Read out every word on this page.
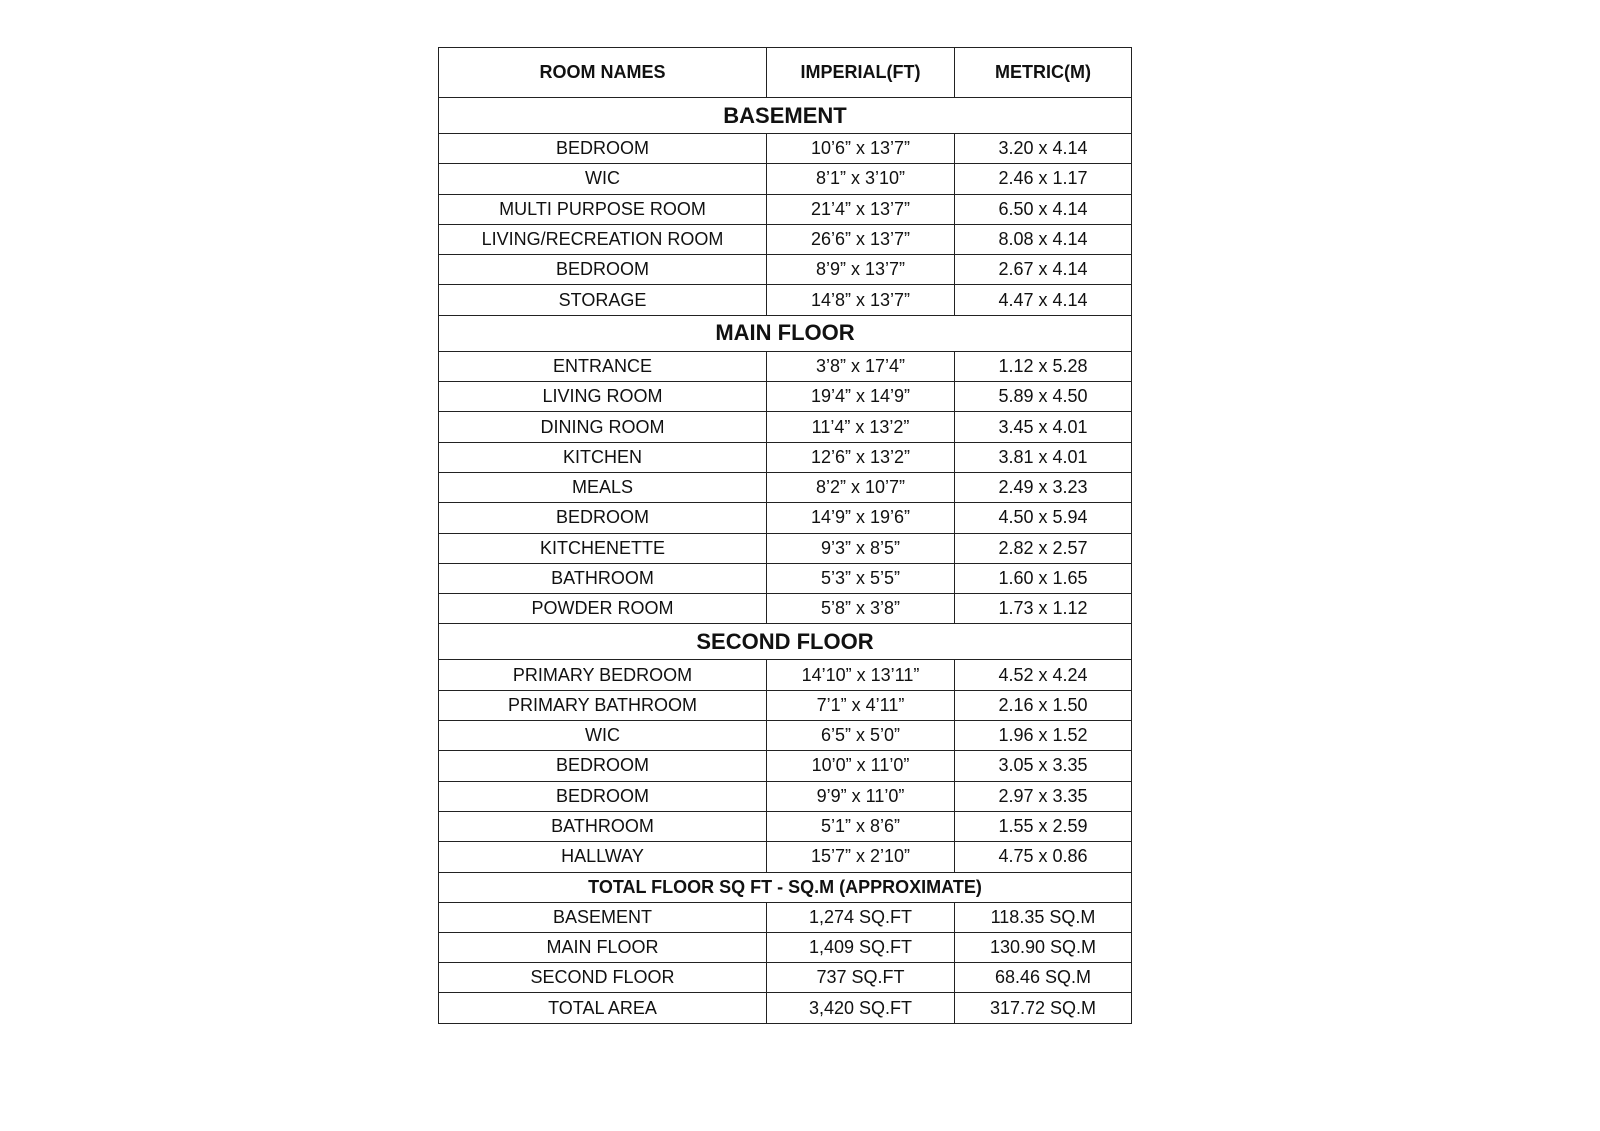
ROOM NAMES	IMPERIAL(FT)	METRIC(M)
BASEMENT		
BEDROOM	10’6” x 13’7”	3.20 x 4.14
WIC	8’1” x 3’10”	2.46 x 1.17
MULTI PURPOSE ROOM	21’4” x 13’7”	6.50 x 4.14
LIVING/RECREATION ROOM	26’6” x 13’7”	8.08 x 4.14
BEDROOM	8’9” x 13’7”	2.67 x 4.14
STORAGE	14’8” x 13’7”	4.47 x 4.14
MAIN FLOOR		
ENTRANCE	3’8” x 17’4”	1.12 x 5.28
LIVING ROOM	19’4” x 14’9”	5.89 x 4.50
DINING ROOM	11’4” x 13’2”	3.45 x 4.01
KITCHEN	12’6” x 13’2”	3.81 x 4.01
MEALS	8’2” x 10’7”	2.49 x 3.23
BEDROOM	14’9” x 19’6”	4.50 x 5.94
KITCHENETTE	9’3” x 8’5”	2.82 x 2.57
BATHROOM	5’3” x 5’5”	1.60 x 1.65
POWDER ROOM	5’8” x 3’8”	1.73 x 1.12
SECOND FLOOR		
PRIMARY BEDROOM	14’10” x 13’11”	4.52 x 4.24
PRIMARY BATHROOM	7’1” x 4’11”	2.16 x 1.50
WIC	6’5” x 5’0”	1.96 x 1.52
BEDROOM	10’0” x 11’0”	3.05 x 3.35
BEDROOM	9’9” x 11’0”	2.97 x 3.35
BATHROOM	5’1” x 8’6”	1.55 x 2.59
HALLWAY	15’7” x 2’10”	4.75 x 0.86
TOTAL FLOOR SQ FT - SQ.M (APPROXIMATE)		
BASEMENT	1,274 SQ.FT	118.35 SQ.M
MAIN FLOOR	1,409 SQ.FT	130.90 SQ.M
SECOND FLOOR	737 SQ.FT	68.46 SQ.M
TOTAL AREA	3,420 SQ.FT	317.72 SQ.M
